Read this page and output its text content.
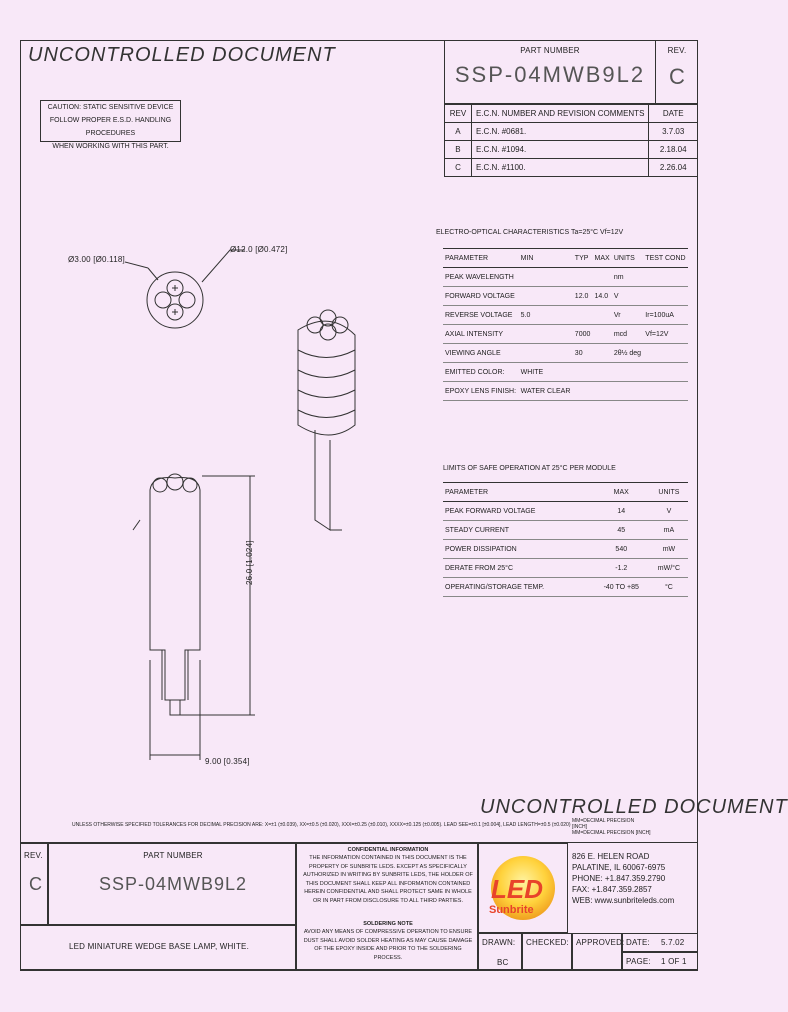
UNCONTROLLED DOCUMENT	PART NUMBER
SSP-04MWB9L2
REV.
C
REV	E.C.N. NUMBER AND REVISION COMMENTS	DATE
A	E.C.N. #0681.	3.7.03
B	E.C.N. #1094.	2.18.04
C	E.C.N. #1100.	2.26.04
CAUTION: STATIC SENSITIVE DEVICE
FOLLOW PROPER E.S.D. HANDLING PROCEDURES
WHEN WORKING WITH THIS PART.
Ø3.00 [Ø0.118]
Ø12.0 [Ø0.472]
26.0 [1.024]
9.00 [0.354]
ELECTRO-OPTICAL CHARACTERISTICS Ta=25°C Vf=12V
PARAMETER	MIN	TYP	MAX	UNITS	TEST COND
PEAK WAVELENGTH				nm	
FORWARD VOLTAGE		12.0	14.0	V	
REVERSE VOLTAGE	5.0			Vr	Ir=100uA
AXIAL INTENSITY		7000		mcd	Vf=12V
VIEWING ANGLE		30		2θ½ deg	
EMITTED COLOR:	WHITE				
EPOXY LENS FINISH:	WATER CLEAR				
LIMITS OF SAFE OPERATION AT 25°C PER MODULE
PARAMETER	MAX	UNITS
PEAK FORWARD VOLTAGE	14	V
STEADY CURRENT	45	mA
POWER DISSIPATION	540	mW
DERATE FROM 25°C	-1.2	mW/°C
OPERATING/STORAGE TEMP.	-40 TO +85	°C
UNCONTROLLED DOCUMENT
UNLESS OTHERWISE SPECIFIED TOLERANCES FOR DECIMAL PRECISION ARE: X=±1 (±0.039), XX=±0.5 (±0.020), XXX=±0.25 (±0.010), XXXX=±0.125 (±0.005). LEAD SEE=±0.1 [±0.004], LEAD LENGTH=±0.5 (±0.020)
MM=DECIMAL PRECISION
[INCH]
MM=DECIMAL PRECISION [INCH]
REV.
C
PART NUMBER
SSP-04MWB9L2
LED MINIATURE WEDGE BASE LAMP, WHITE.
CONFIDENTIAL INFORMATION
THE INFORMATION CONTAINED IN THIS DOCUMENT IS THE PROPERTY OF SUNBRITE LEDS. EXCEPT AS SPECIFICALLY AUTHORIZED IN WRITING BY SUNBRITE LEDS, THE HOLDER OF THIS DOCUMENT SHALL KEEP ALL INFORMATION CONTAINED HEREIN CONFIDENTIAL AND SHALL PROTECT SAME IN WHOLE OR IN PART FROM DISCLOSURE TO ALL THIRD PARTIES.
SOLDERING NOTE
AVOID ANY MEANS OF COMPRESSIVE OPERATION TO ENSURE DUST SHALL AVOID SOLDER HEATING AS MAY CAUSE DAMAGE OF THE EPOXY INSIDE AND PRIOR TO THE SOLDERING PROCESS.
LED
Sunbrite
826 E. HELEN ROAD
PALATINE, IL 60067-6975
PHONE: +1.847.359.2790
FAX: +1.847.359.2857
WEB: www.sunbriteleds.com
DRAWN:
BC
CHECKED: APPROVED: DATE: 5.7.02
PAGE: 1 OF 1
